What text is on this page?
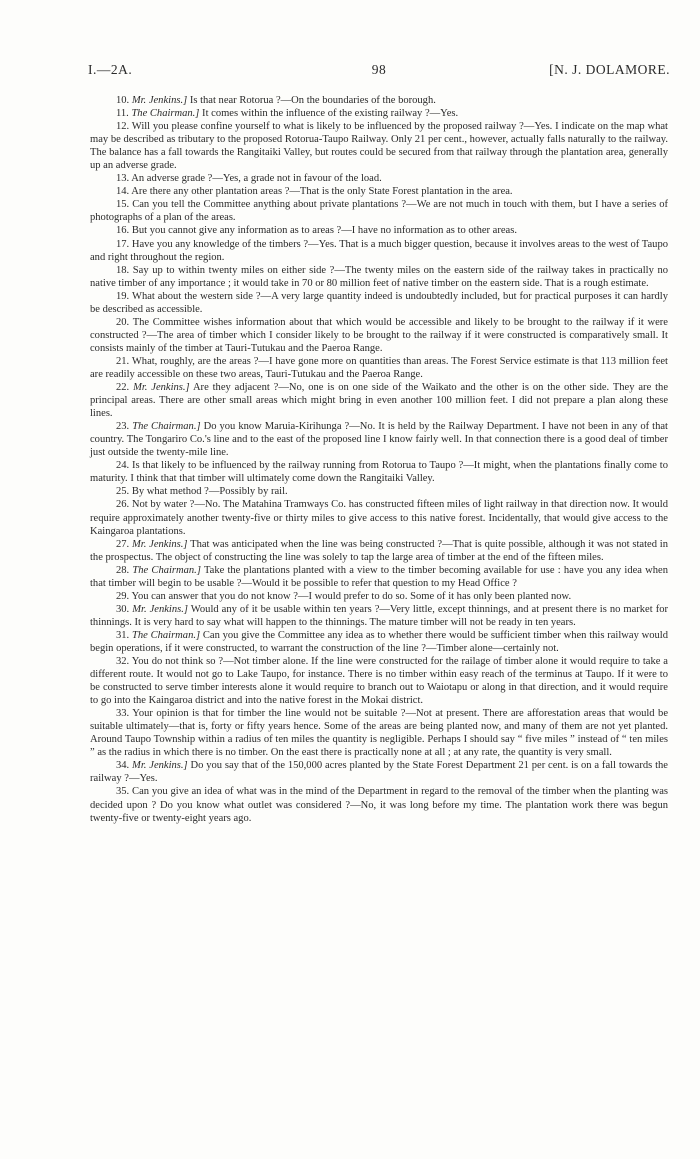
I.—2A.	98	[N. J. DOLAMORE.

10. Mr. Jenkins.] Is that near Rotorua ?—On the boundaries of the borough.

11. The Chairman.] It comes within the influence of the existing railway ?—Yes.

12. Will you please confine yourself to what is likely to be influenced by the proposed railway ?—Yes. I indicate on the map what may be described as tributary to the proposed Rotorua-Taupo Railway. Only 21 per cent., however, actually falls naturally to the railway. The balance has a fall towards the Rangitaiki Valley, but routes could be secured from that railway through the plantation area, generally up an adverse grade.

13. An adverse grade ?—Yes, a grade not in favour of the load.

14. Are there any other plantation areas ?—That is the only State Forest plantation in the area.

15. Can you tell the Committee anything about private plantations ?—We are not much in touch with them, but I have a series of photographs of a plan of the areas.

16. But you cannot give any information as to areas ?—I have no information as to other areas.

17. Have you any knowledge of the timbers ?—Yes. That is a much bigger question, because it involves areas to the west of Taupo and right throughout the region.

18. Say up to within twenty miles on either side ?—The twenty miles on the eastern side of the railway takes in practically no native timber of any importance ; it would take in 70 or 80 million feet of native timber on the eastern side. That is a rough estimate.

19. What about the western side ?—A very large quantity indeed is undoubtedly included, but for practical purposes it can hardly be described as accessible.

20. The Committee wishes information about that which would be accessible and likely to be brought to the railway if it were constructed ?—The area of timber which I consider likely to be brought to the railway if it were constructed is comparatively small. It consists mainly of the timber at Tauri-Tutukau and the Paeroa Range.

21. What, roughly, are the areas ?—I have gone more on quantities than areas. The Forest Service estimate is that 113 million feet are readily accessible on these two areas, Tauri-Tutukau and the Paeroa Range.

22. Mr. Jenkins.] Are they adjacent ?—No, one is on one side of the Waikato and the other is on the other side. They are the principal areas. There are other small areas which might bring in even another 100 million feet. I did not prepare a plan along these lines.

23. The Chairman.] Do you know Maruia-Kirihunga ?—No. It is held by the Railway Department. I have not been in any of that country. The Tongariro Co.'s line and to the east of the proposed line I know fairly well. In that connection there is a good deal of timber just outside the twenty-mile line.

24. Is that likely to be influenced by the railway running from Rotorua to Taupo ?—It might, when the plantations finally come to maturity. I think that that timber will ultimately come down the Rangitaiki Valley.

25. By what method ?—Possibly by rail.

26. Not by water ?—No. The Matahina Tramways Co. has constructed fifteen miles of light railway in that direction now. It would require approximately another twenty-five or thirty miles to give access to this native forest. Incidentally, that would give access to the Kaingaroa plantations.

27. Mr. Jenkins.] That was anticipated when the line was being constructed ?—That is quite possible, although it was not stated in the prospectus. The object of constructing the line was solely to tap the large area of timber at the end of the fifteen miles.

28. The Chairman.] Take the plantations planted with a view to the timber becoming available for use : have you any idea when that timber will begin to be usable ?—Would it be possible to refer that question to my Head Office ?

29. You can answer that you do not know ?—I would prefer to do so. Some of it has only been planted now.

30. Mr. Jenkins.] Would any of it be usable within ten years ?—Very little, except thinnings, and at present there is no market for thinnings. It is very hard to say what will happen to the thinnings. The mature timber will not be ready in ten years.

31. The Chairman.] Can you give the Committee any idea as to whether there would be sufficient timber when this railway would begin operations, if it were constructed, to warrant the construction of the line ?—Timber alone—certainly not.

32. You do not think so ?—Not timber alone. If the line were constructed for the railage of timber alone it would require to take a different route. It would not go to Lake Taupo, for instance. There is no timber within easy reach of the terminus at Taupo. If it were to be constructed to serve timber interests alone it would require to branch out to Waiotapu or along in that direction, and it would require to go into the Kaingaroa district and into the native forest in the Mokai district.

33. Your opinion is that for timber the line would not be suitable ?—Not at present. There are afforestation areas that would be suitable ultimately—that is, forty or fifty years hence. Some of the areas are being planted now, and many of them are not yet planted. Around Taupo Township within a radius of ten miles the quantity is negligible. Perhaps I should say “ five miles ” instead of “ ten miles ” as the radius in which there is no timber. On the east there is practically none at all ; at any rate, the quantity is very small.

34. Mr. Jenkins.] Do you say that of the 150,000 acres planted by the State Forest Department 21 per cent. is on a fall towards the railway ?—Yes.

35. Can you give an idea of what was in the mind of the Department in regard to the removal of the timber when the planting was decided upon ? Do you know what outlet was considered ?—No, it was long before my time. The plantation work there was begun twenty-five or twenty-eight years ago.
